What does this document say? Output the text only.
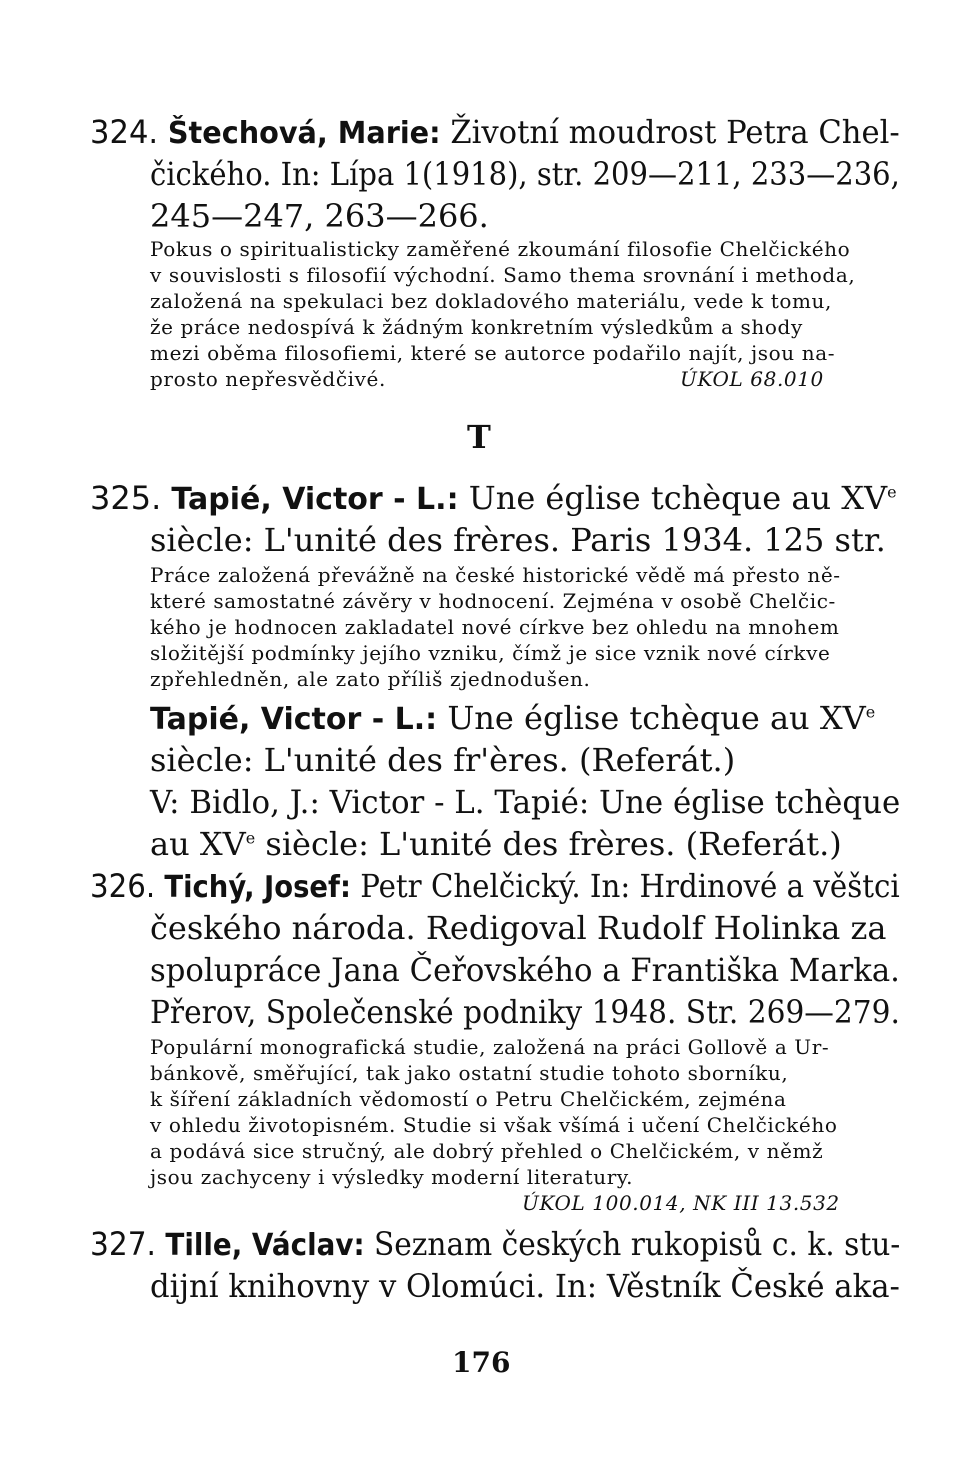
324. Štechová, Marie: Životní moudrost Petra Chel-
čického. In: Lípa 1(1918), str. 209—211, 233—236,
245—247, 263—266.
Pokus o spiritualisticky zaměřené zkoumání filosofie Chelčického
v souvislosti s filosofií východní. Samo thema srovnání i methoda,
založená na spekulaci bez dokladového materiálu, vede k tomu,
že práce nedospívá k žádným konkretním výsledkům a shody
mezi oběma filosofiemi, které se autorce podařilo najít, jsou na-
prosto nepřesvědčivé.	ÚKOL 68.010
T
325. Tapié, Victor - L.: Une église tchèque au XVe
siècle: L'unité des frères. Paris 1934. 125 str.
Práce založená převážně na české historické vědě má přesto ně-
které samostatné závěry v hodnocení. Zejména v osobě Chelčic-
kého je hodnocen zakladatel nové církve bez ohledu na mnohem
složitější podmínky jejího vzniku, čímž je sice vznik nové církve
zpřehledněn, ale zato příliš zjednodušen.
Tapié, Victor - L.: Une église tchèque au XVe
siècle: L'unité des fr'ères. (Referát.)
V: Bidlo, J.: Victor - L. Tapié: Une église tchèque
au XVe siècle: L'unité des frères. (Referát.)
326. Tichý, Josef: Petr Chelčický. In: Hrdinové a věštci
českého národa. Redigoval Rudolf Holinka za
spolupráce Jana Čeřovského a Františka Marka.
Přerov, Společenské podniky 1948. Str. 269—279.
Populární monografická studie, založená na práci Gollově a Ur-
bánkově, směřující, tak jako ostatní studie tohoto sborníku,
k šíření základních vědomostí o Petru Chelčickém, zejména
v ohledu životopisném. Studie si však všímá i učení Chelčického
a podává sice stručný, ale dobrý přehled o Chelčickém, v němž
jsou zachyceny i výsledky moderní literatury.
ÚKOL 100.014, NK III 13.532
327. Tille, Václav: Seznam českých rukopisů c. k. stu-
dijní knihovny v Olomúci. In: Věstník České aka-
176
